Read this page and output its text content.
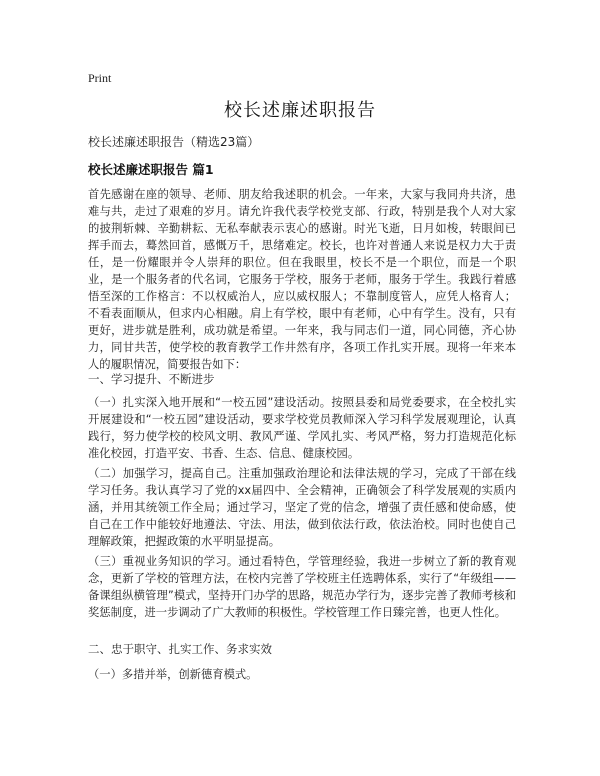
Print
校长述廉述职报告
校长述廉述职报告（精选23篇）
校长述廉述职报告 篇1

首先感谢在座的领导、老师、朋友给我述职的机会。一年来，大家与我同舟共济，患难与共，走过了艰难的岁月。请允许我代表学校党支部、行政，特别是我个人对大家的披荆斩棘、辛勤耕耘、无私奉献表示衷心的感谢。时光飞逝，日月如梭，转眼间已挥手而去，蓦然回首，感慨万千，思绪难定。校长，也许对普通人来说是权力大于责任，是一份耀眼并令人崇拜的职位。但在我眼里，校长不是一个职位，而是一个职业，是一个服务者的代名词，它服务于学校，服务于老师，服务于学生。我践行着感悟至深的工作格言：不以权威治人，应以威权服人；不靠制度管人，应凭人格育人；不看表面顺从，但求内心相融。肩上有学校，眼中有老师，心中有学生。没有，只有更好，进步就是胜利，成功就是希望。一年来，我与同志们一道，同心同德，齐心协力，同甘共苦，使学校的教育教学工作井然有序，各项工作扎实开展。现将一年来本人的履职情况，简要报告如下：

一、学习提升、不断进步

（一）扎实深入地开展和“一校五园”建设活动。按照县委和局党委要求，在全校扎实开展建设和“一校五园”建设活动，要求学校党员教师深入学习科学发展观理论，认真践行，努力使学校的校风文明、教风严谨、学风扎实、考风严格，努力打造规范化标准化校园，打造平安、书香、生态、信息、健康校园。

（二）加强学习，提高自己。注重加强政治理论和法律法规的学习，完成了干部在线学习任务。我认真学习了党的xx届四中、全会精神，正确领会了科学发展观的实质内涵，并用其统领工作全局；通过学习，坚定了党的信念，增强了责任感和使命感，使自己在工作中能较好地遵法、守法、用法，做到依法行政，依法治校。同时也使自己理解政策，把握政策的水平明显提高。

（三）重视业务知识的学习。通过看特色，学管理经验，我进一步树立了新的教育观念，更新了学校的管理方法，在校内完善了学校班主任选聘体系，实行了“年级组——备课组纵横管理”模式，坚持开门办学的思路，规范办学行为，逐步完善了教师考核和奖惩制度，进一步调动了广大教师的积极性。学校管理工作日臻完善，也更人性化。

二、忠于职守、扎实工作、务求实效

（一）多措并举，创新德育模式。
